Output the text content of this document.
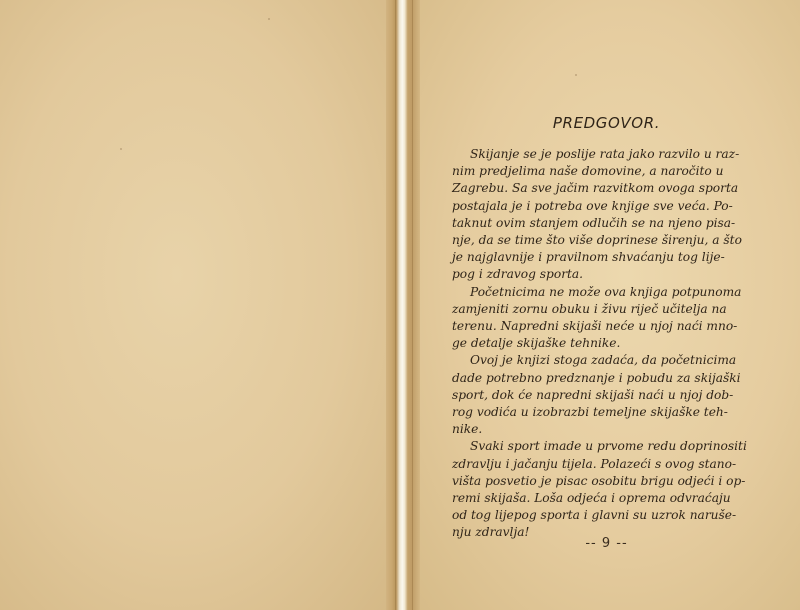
PREDGOVOR.
Skijanje se je poslije rata jako razvilo u raz-
nim predjelima naše domovine, a naročito u
Zagrebu. Sa sve jačim razvitkom ovoga sporta
postajala je i potreba ove knjige sve veća. Po-
taknut ovim stanjem odlučih se na njeno pisa-
nje, da se time što više doprinese širenju, a što
je najglavnije i pravilnom shvaćanju tog lije-
pog i zdravog sporta.
Početnicima ne može ova knjiga potpunoma
zamjeniti zornu obuku i živu riječ učitelja na
terenu. Napredni skijaši neće u njoj naći mno-
ge detalje skijaške tehnike.
Ovoj je knjizi stoga zadaća, da početnicima
dade potrebno predznanje i pobudu za skijaški
sport, dok će napredni skijaši naći u njoj dob-
rog vodića u izobrazbi temeljne skijaške teh-
nike.
Svaki sport imade u prvome redu doprinositi
zdravlju i jačanju tijela. Polazeći s ovog stano-
višta posvetio je pisac osobitu brigu odjeći i op-
remi skijaša. Loša odjeća i oprema odvraćaju
od tog lijepog sporta i glavni su uzrok naruše-
nju zdravlja!
-- 9 --
